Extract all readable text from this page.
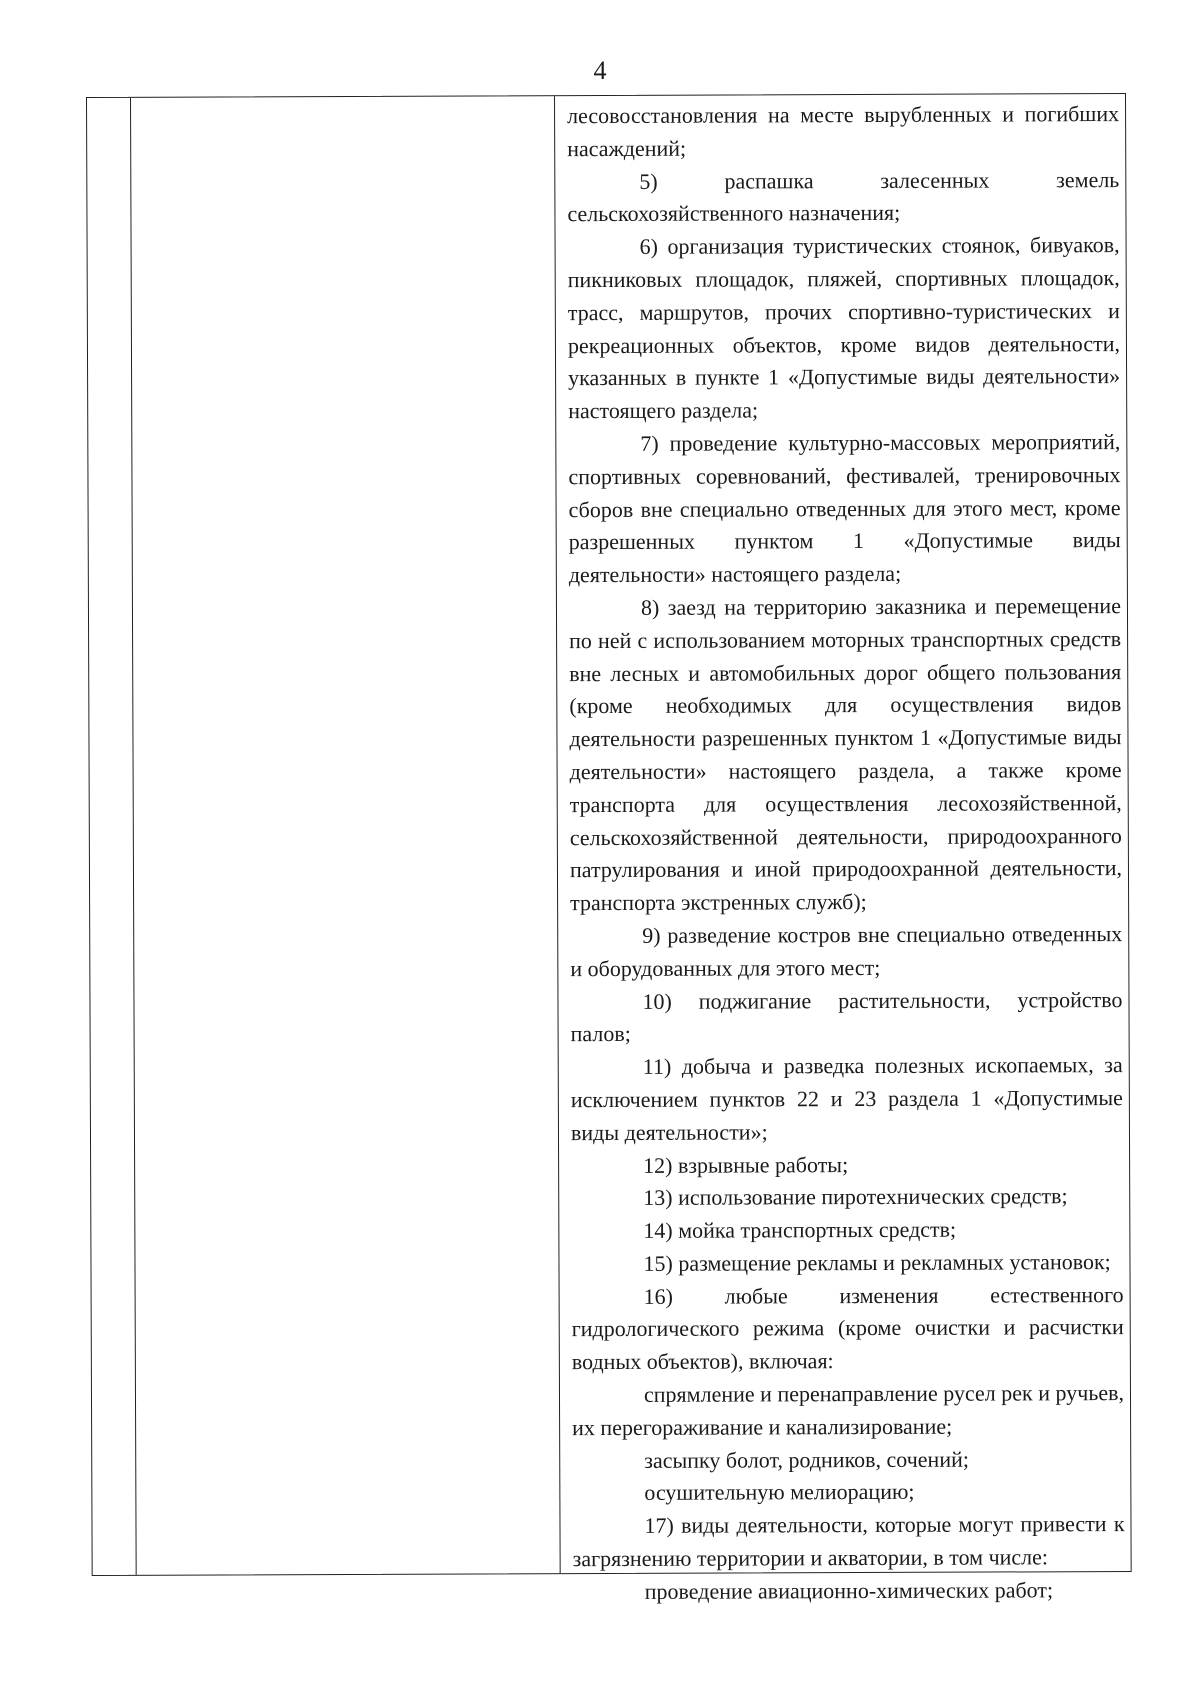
4

лесовосстановления на месте вырубленных и погибших насаждений;

5) распашка залесенных земель сельскохозяйственного назначения;

6) организация туристических стоянок, бивуаков, пикниковых площадок, пляжей, спортивных площадок, трасс, маршрутов, прочих спортивно-туристических и рекреационных объектов, кроме видов деятельности, указанных в пункте 1 «Допустимые виды деятельности» настоящего раздела;

7) проведение культурно-массовых мероприятий, спортивных соревнований, фестивалей, тренировочных сборов вне специально отведенных для этого мест, кроме разрешенных пунктом 1 «Допустимые виды деятельности» настоящего раздела;

8) заезд на территорию заказника и перемещение по ней с использованием моторных транспортных средств вне лесных и автомобильных дорог общего пользования (кроме необходимых для осуществления видов деятельности разрешенных пунктом 1 «Допустимые виды деятельности» настоящего раздела, а также кроме транспорта для осуществления лесохозяйственной, сельскохозяйственной деятельности, природоохранного патрулирования и иной природоохранной деятельности, транспорта экстренных служб);

9) разведение костров вне специально отведенных и оборудованных для этого мест;

10) поджигание растительности, устройство палов;

11) добыча и разведка полезных ископаемых, за исключением пунктов 22 и 23 раздела 1 «Допустимые виды деятельности»;

12) взрывные работы;

13) использование пиротехнических средств;

14) мойка транспортных средств;

15) размещение рекламы и рекламных установок;

16) любые изменения естественного гидрологического режима (кроме очистки и расчистки водных объектов), включая:

спрямление и перенаправление русел рек и ручьев, их перегораживание и канализирование;

засыпку болот, родников, сочений;

осушительную мелиорацию;

17) виды деятельности, которые могут привести к загрязнению территории и акватории, в том числе:

проведение авиационно-химических работ;
